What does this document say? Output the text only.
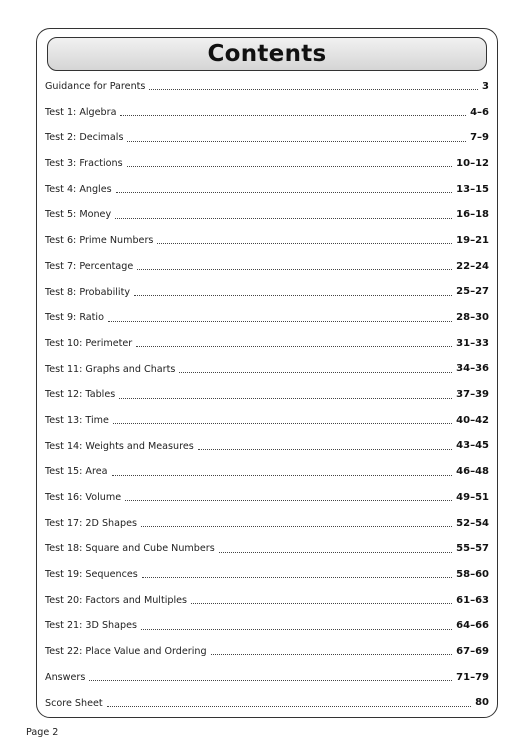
Contents
Guidance for Parents	3
Test 1: Algebra	4–6
Test 2: Decimals	7–9
Test 3: Fractions	10–12
Test 4: Angles	13–15
Test 5: Money	16–18
Test 6: Prime Numbers	19–21
Test 7: Percentage	22–24
Test 8: Probability	25–27
Test 9: Ratio	28–30
Test 10: Perimeter	31–33
Test 11: Graphs and Charts	34–36
Test 12: Tables	37–39
Test 13: Time	40–42
Test 14: Weights and Measures	43–45
Test 15: Area	46–48
Test 16: Volume	49–51
Test 17: 2D Shapes	52–54
Test 18: Square and Cube Numbers	55–57
Test 19: Sequences	58–60
Test 20: Factors and Multiples	61–63
Test 21: 3D Shapes	64–66
Test 22: Place Value and Ordering	67–69
Answers	71–79
Score Sheet	80
Page 2
